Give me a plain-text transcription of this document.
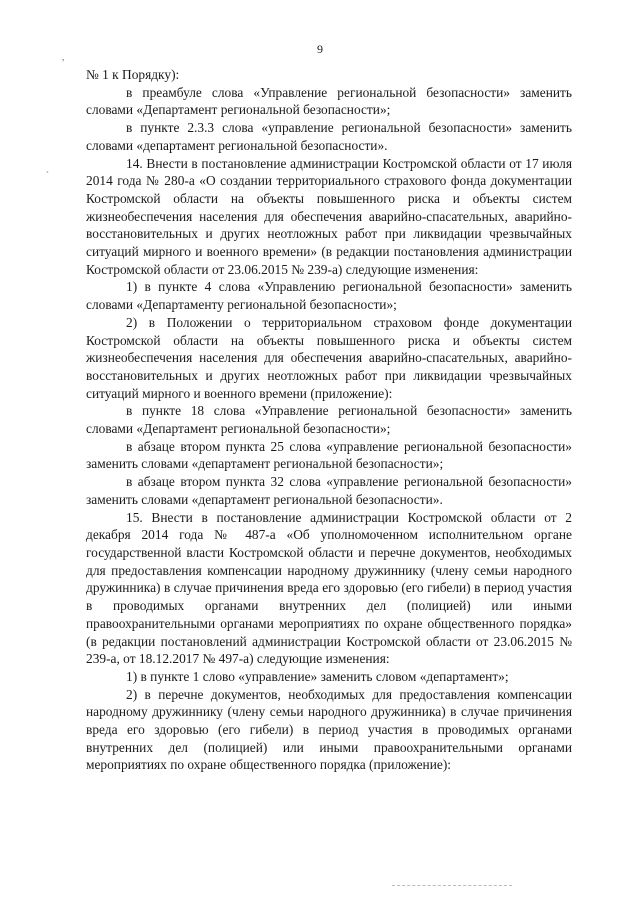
9
,
`

№ 1 к Порядку):

в преамбуле слова «Управление региональной безопасности» заменить словами «Департамент региональной безопасности»;

в пункте 2.3.3 слова «управление региональной безопасности» заменить словами «департамент региональной безопасности».

14. Внести в постановление администрации Костромской области от 17 июля 2014 года № 280-а «О создании территориального страхового фонда документации Костромской области на объекты повышенного риска и объекты систем жизнеобеспечения населения для обеспечения аварийно-спасательных, аварийно-восстановительных и других неотложных работ при ликвидации чрезвычайных ситуаций мирного и военного времени» (в редакции постановления администрации Костромской области от 23.06.2015 № 239-а) следующие изменения:

1) в пункте 4 слова «Управлению региональной безопасности» заменить словами «Департаменту региональной безопасности»;

2) в Положении о территориальном страховом фонде документации Костромской области на объекты повышенного риска и объекты систем жизнеобеспечения населения для обеспечения аварийно-спасательных, аварийно-восстановительных и других неотложных работ при ликвидации чрезвычайных ситуаций мирного и военного времени (приложение):

в пункте 18 слова «Управление региональной безопасности» заменить словами «Департамент региональной безопасности»;

в абзаце втором пункта 25 слова «управление региональной безопасности» заменить словами «департамент региональной безопасности»;

в абзаце втором пункта 32 слова «управление региональной безопасности» заменить словами «департамент региональной безопасности».

15. Внести в постановление администрации Костромской области от 2 декабря 2014 года № 487-а «Об уполномоченном исполнительном органе государственной власти Костромской области и перечне документов, необходимых для предоставления компенсации народному дружиннику (члену семьи народного дружинника) в случае причинения вреда его здоровью (его гибели) в период участия в проводимых органами внутренних дел (полицией) или иными правоохранительными органами мероприятиях по охране общественного порядка» (в редакции постановлений администрации Костромской области от 23.06.2015 № 239-а, от 18.12.2017 № 497-а) следующие изменения:

1) в пункте 1 слово «управление» заменить словом «департамент»;

2) в перечне документов, необходимых для предоставления компенсации народному дружиннику (члену семьи народного дружинника) в случае причинения вреда его здоровью (его гибели) в период участия в проводимых органами внутренних дел (полицией) или иными правоохранительными органами мероприятиях по охране общественного порядка (приложение):
